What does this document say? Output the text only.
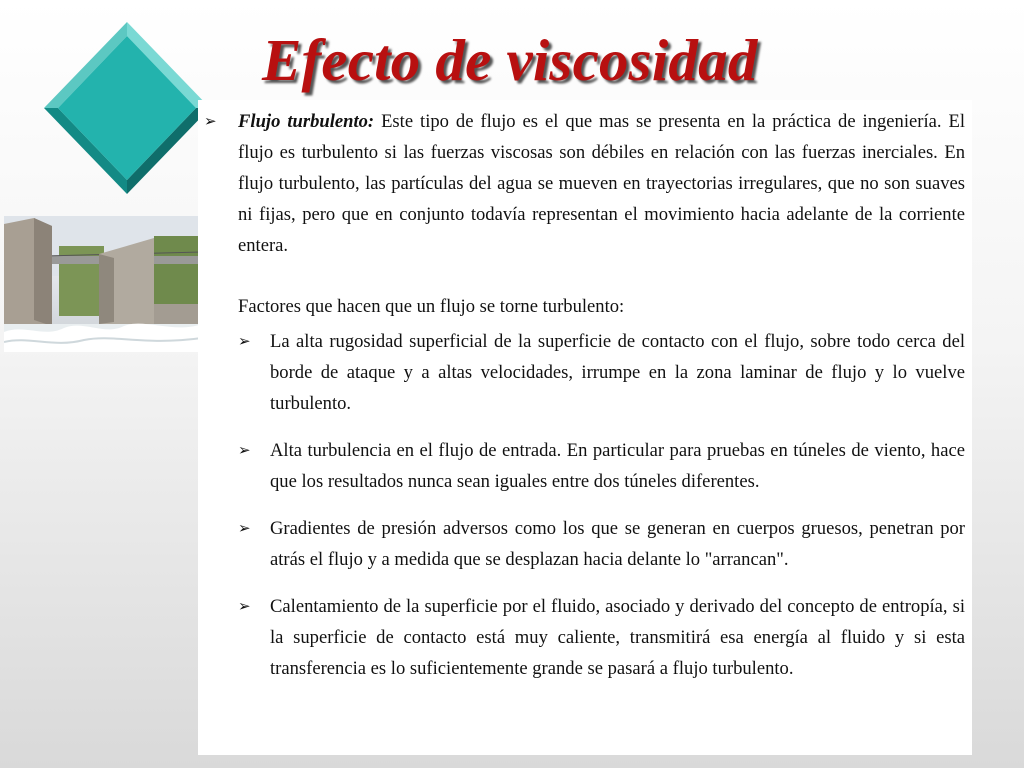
Efecto de viscosidad

➢	Flujo turbulento: Este tipo de flujo es el que mas se presenta en la práctica de ingeniería. El flujo es turbulento si las fuerzas viscosas son débiles en relación con las fuerzas inerciales. En flujo turbulento, las partículas del agua se mueven en trayectorias irregulares, que no son suaves ni fijas, pero que en conjunto todavía representan el movimiento hacia adelante de la corriente entera.

Factores que hacen que un flujo se torne turbulento:

➢	La alta rugosidad superficial de la superficie de contacto con el flujo, sobre todo cerca del borde de ataque y a altas velocidades, irrumpe en la zona laminar de flujo y lo vuelve turbulento.
➢	Alta turbulencia en el flujo de entrada. En particular para pruebas en túneles de viento, hace que los resultados nunca sean iguales entre dos túneles diferentes.
➢	Gradientes de presión adversos como los que se generan en cuerpos gruesos, penetran por atrás el flujo y a medida que se desplazan hacia delante lo "arrancan".
➢	Calentamiento de la superficie por el fluido, asociado y derivado del concepto de entropía, si la superficie de contacto está muy caliente, transmitirá esa energía al fluido y si esta transferencia es lo suficientemente grande se pasará a flujo turbulento.
